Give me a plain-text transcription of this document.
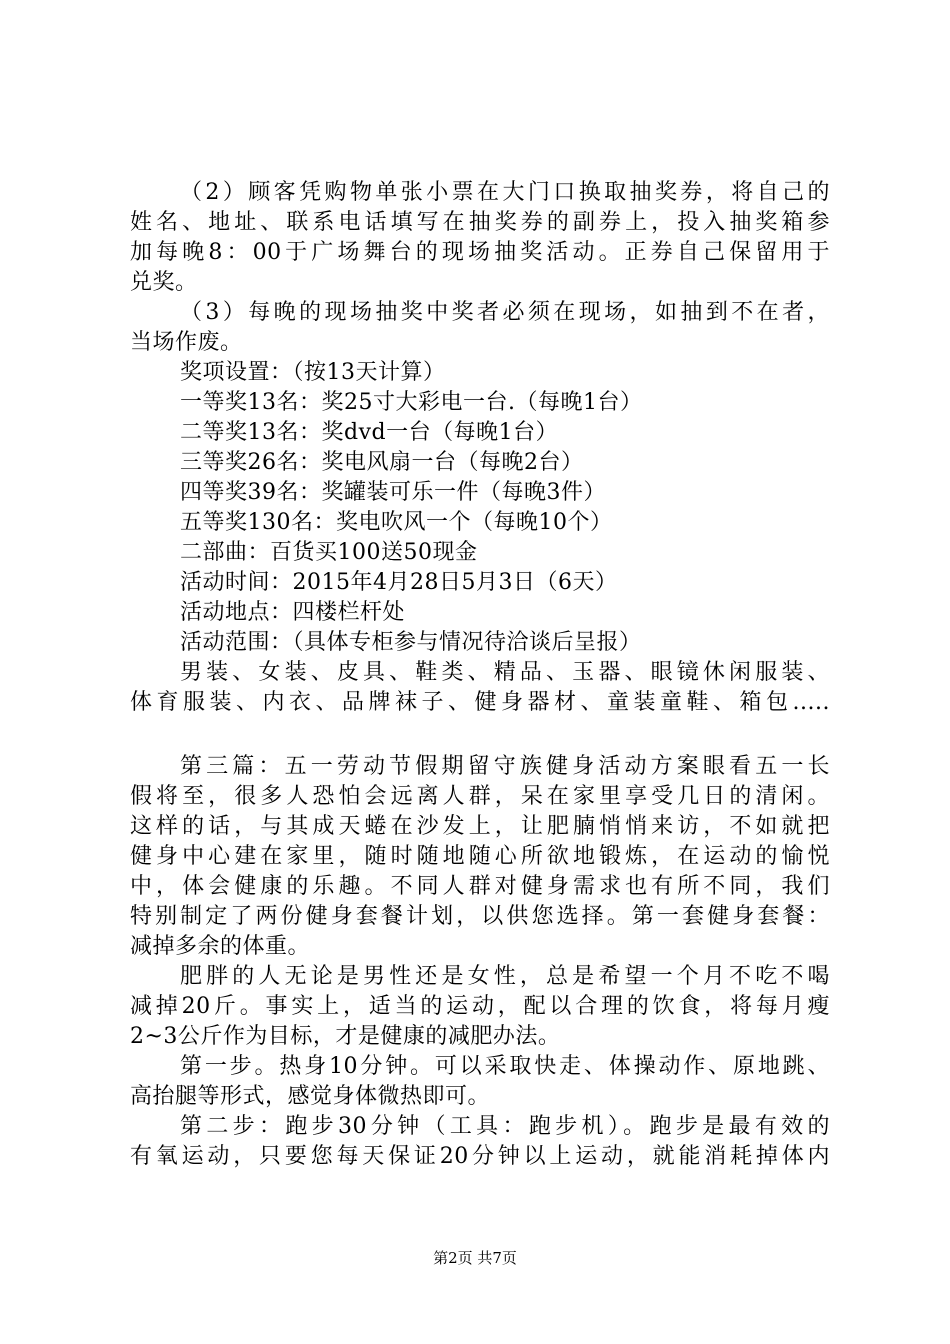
（2）顾客凭购物单张小票在大门口换取抽奖券，将自己的
姓名、地址、联系电话填写在抽奖券的副券上，投入抽奖箱参
加每晚8：00于广场舞台的现场抽奖活动。正券自己保留用于
兑奖。
（3）每晚的现场抽奖中奖者必须在现场，如抽到不在者，
当场作废。
奖项设置：（按13天计算）
一等奖13名：奖25寸大彩电一台.（每晚1台）
二等奖13名：奖dvd一台（每晚1台）
三等奖26名：奖电风扇一台（每晚2台）
四等奖39名：奖罐装可乐一件（每晚3件）
五等奖130名：奖电吹风一个（每晚10个）
二部曲：百货买100送50现金
活动时间：2015年4月28日5月3日（6天）
活动地点：四楼栏杆处
活动范围：（具体专柜参与情况待洽谈后呈报）
男装、女装、皮具、鞋类、精品、玉器、眼镜休闲服装、
体育服装、内衣、品牌袜子、健身器材、童装童鞋、箱包.....
第三篇：五一劳动节假期留守族健身活动方案眼看五一长
假将至，很多人恐怕会远离人群，呆在家里享受几日的清闲。
这样的话，与其成天蜷在沙发上，让肥腩悄悄来访，不如就把
健身中心建在家里，随时随地随心所欲地锻炼，在运动的愉悦
中，体会健康的乐趣。不同人群对健身需求也有所不同，我们
特别制定了两份健身套餐计划，以供您选择。第一套健身套餐：
减掉多余的体重。
肥胖的人无论是男性还是女性，总是希望一个月不吃不喝
减掉20斤。事实上，适当的运动，配以合理的饮食，将每月瘦
2~3公斤作为目标，才是健康的减肥办法。
第一步。热身10分钟。可以采取快走、体操动作、原地跳、
高抬腿等形式，感觉身体微热即可。
第二步：跑步30分钟（工具：跑步机）。跑步是最有效的
有氧运动，只要您每天保证20分钟以上运动，就能消耗掉体内
第2页 共7页
